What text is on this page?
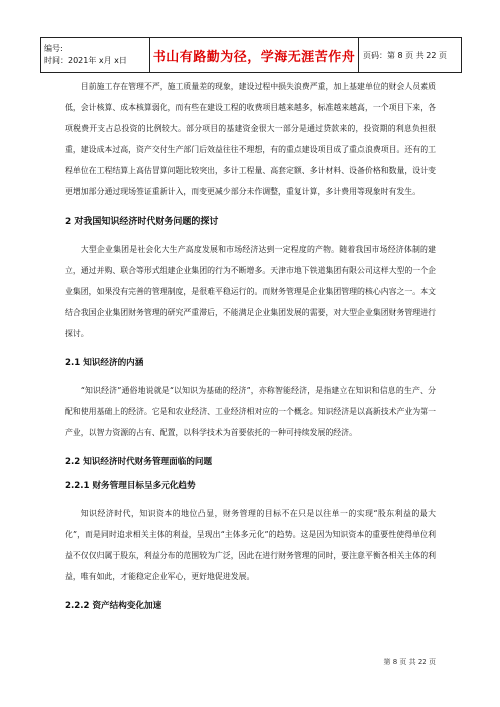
编号:
时间：2021年 x月 x日	书山有路勤为径，学海无涯苦作舟 页码：第 8 页 共 22 页

目前施工存在管理不严，施工质量差的现象，建设过程中损失浪费严重，加上基建单位的财会人员素质低，会计核算、成本核算弱化，而有些在建设工程的收费项目越来越多，标准越来越高，一个项目下来，各项税费开支占总投资的比例较大。部分项目的基建资金很大一部分是通过贷款来的，投资期的利息负担很重，建设成本过高，资产交付生产部门后效益往往不理想，有的重点建设项目成了重点浪费项目。还有的工程单位在工程结算上高估冒算问题比较突出，多计工程量、高套定额、多计材料、设备价格和数量，设计变更增加部分通过现场签证重新计入，而变更减少部分未作调整，重复计算，多计费用等现象时有发生。

2 对我国知识经济时代财务问题的探讨

大型企业集团是社会化大生产高度发展和市场经济达到一定程度的产物。随着我国市场经济体制的建立，通过并购、联合等形式组建企业集团的行为不断增多。天津市地下铁道集团有限公司这样大型的一个企业集团，如果没有完善的管理制度，是很难平稳运行的。而财务管理是企业集团管理的核心内容之一。本文结合我国企业集团财务管理的研究严重滞后，不能满足企业集团发展的需要，对大型企业集团财务管理进行探讨。

2.1 知识经济的内涵

“知识经济”通俗地说就是“以知识为基础的经济”，亦称智能经济，是指建立在知识和信息的生产、分配和使用基础上的经济。它是和农业经济、工业经济相对应的一个概念。知识经济是以高新技术产业为第一产业，以智力资源的占有、配置，以科学技术为首要依托的一种可持续发展的经济。

2.2 知识经济时代财务管理面临的问题
2.2.1 财务管理目标呈多元化趋势

知识经济时代，知识资本的地位凸显，财务管理的目标不在只是以往单一的实现“股东利益的最大化”，而是同时追求相关主体的利益，呈现出“主体多元化”的趋势。这是因为知识资本的重要性使得单位利益不仅仅归属于股东，利益分布的范围较为广泛，因此在进行财务管理的同时，要注意平衡各相关主体的利益，唯有如此，才能稳定企业军心，更好地促进发展。

2.2.2 资产结构变化加速
第 8 页 共 22 页
